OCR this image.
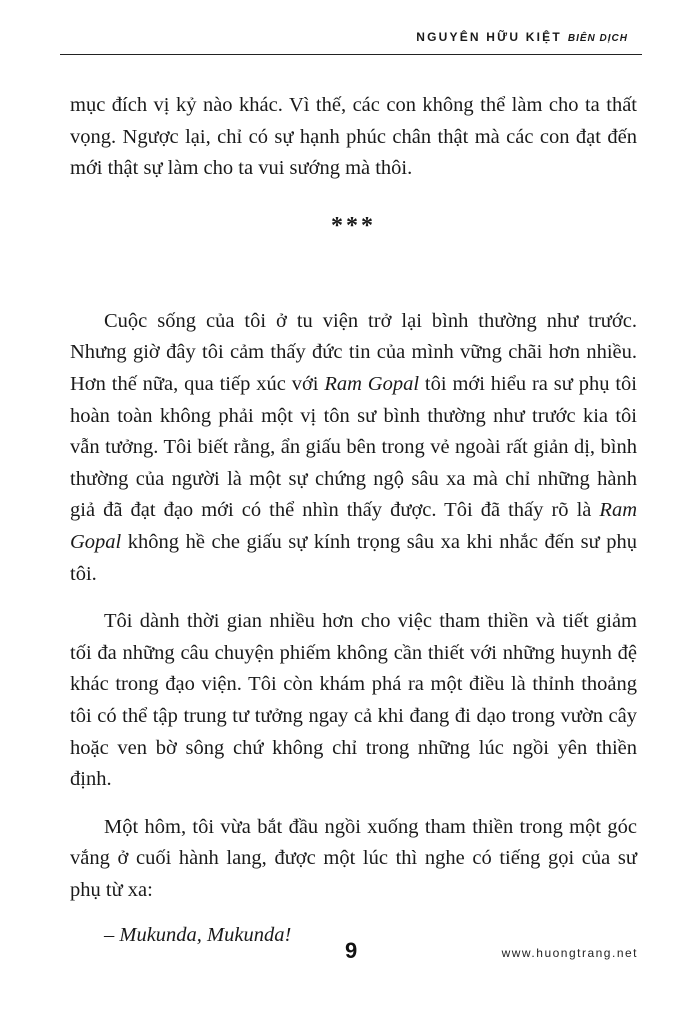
NGUYÊN HỮU KIỆT BIÊN DỊCH

mục đích vị kỷ nào khác. Vì thế, các con không thể làm cho ta thất vọng. Ngược lại, chỉ có sự hạnh phúc chân thật mà các con đạt đến mới thật sự làm cho ta vui sướng mà thôi.

***

Cuộc sống của tôi ở tu viện trở lại bình thường như trước. Nhưng giờ đây tôi cảm thấy đức tin của mình vững chãi hơn nhiều. Hơn thế nữa, qua tiếp xúc với Ram Gopal tôi mới hiểu ra sư phụ tôi hoàn toàn không phải một vị tôn sư bình thường như trước kia tôi vẫn tưởng. Tôi biết rằng, ẩn giấu bên trong vẻ ngoài rất giản dị, bình thường của người là một sự chứng ngộ sâu xa mà chỉ những hành giả đã đạt đạo mới có thể nhìn thấy được. Tôi đã thấy rõ là Ram Gopal không hề che giấu sự kính trọng sâu xa khi nhắc đến sư phụ tôi.

Tôi dành thời gian nhiều hơn cho việc tham thiền và tiết giảm tối đa những câu chuyện phiếm không cần thiết với những huynh đệ khác trong đạo viện. Tôi còn khám phá ra một điều là thỉnh thoảng tôi có thể tập trung tư tưởng ngay cả khi đang đi dạo trong vườn cây hoặc ven bờ sông chứ không chỉ trong những lúc ngồi yên thiền định.

Một hôm, tôi vừa bắt đầu ngồi xuống tham thiền trong một góc vắng ở cuối hành lang, được một lúc thì nghe có tiếng gọi của sư phụ từ xa:

– Mukunda, Mukunda!

9	www.huongtrang.net
